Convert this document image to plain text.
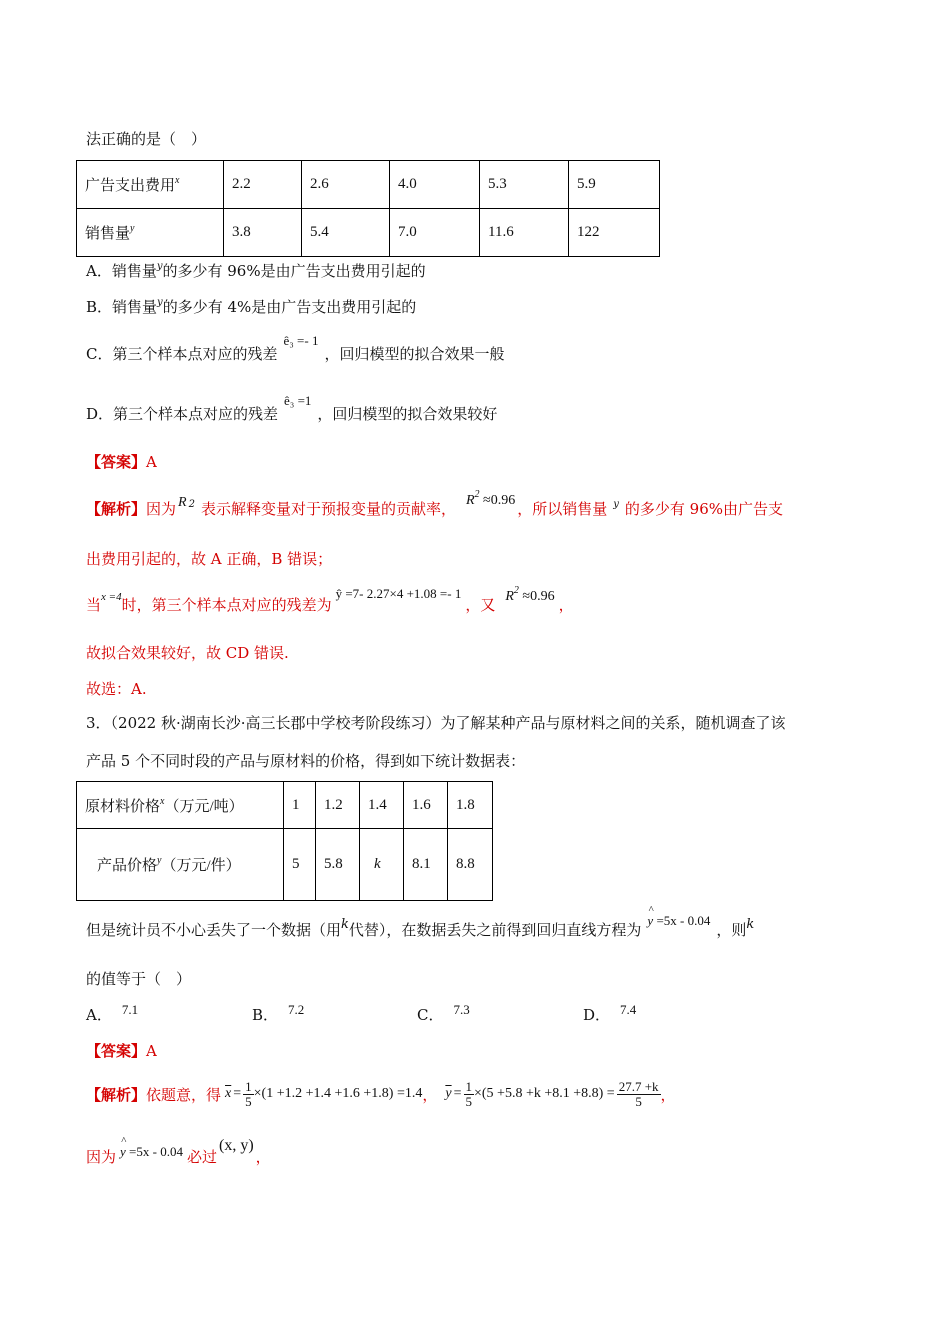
法正确的是（　）
广告支出费用$^x$	2.2	2.6	4.0	5.3	5.9
销售量$^y$	3.8	5.4	7.0	11.6	122
A．销售量$^y$的多少有 96%是由广告支出费用引起的
B．销售量$^y$的多少有 4%是由广告支出费用引起的
C．第三个样本点对应的残差ê₃ =- 1，回归模型的拟合效果一般
D．第三个样本点对应的残差ê₃ =1，回归模型的拟合效果较好
【答案】A
【解析】因为 R $^2$ 表示解释变量对于预报变量的贡献率， $R^2 \approx 0.96$ ，所以销售量 $^y$ 的多少有 96%由广告支
出费用引起的，故 A 正确，B 错误；
当$^{x =4}$时，第三个样本点对应的残差为ŷ =7- 2.27×4 +1.08 =- 1，又 $R^2 \approx 0.96$ ，
故拟合效果较好，故 CD 错误.
故选：A.
3．（2022 秋·湖南长沙·高三长郡中学校考阶段练习）为了解某种产品与原材料之间的关系，随机调查了该
产品 5 个不同时段的产品与原材料的价格，得到如下统计数据表：
原材料价格$^x$（万元/吨）	1	1.2	1.4	1.6	1.8
产品价格$^y$（万元/件）	5	5.8	k	8.1	8.8
但是统计员不小心丢失了一个数据（用k代替），在数据丢失之前得到回归直线方程为
^
y =5x - 0.04，则k
的值等于（　）
A． 7.1	B． 7.2	C． 7.3	D． 7.4
【答案】A
【解析】 依题意，得 $\overline{x} = \frac{1}{5} \times(1 +1.2 +1.4 +1.6 +1.8) =1.4$ ， $\overline{y} = \frac{1}{5} \times(5 +5.8 +k +8.1 +8.8) = \frac{27.7 +k}{5}$ ，
因为
^
y =5x - 0.04 必过
(x, y)
，
